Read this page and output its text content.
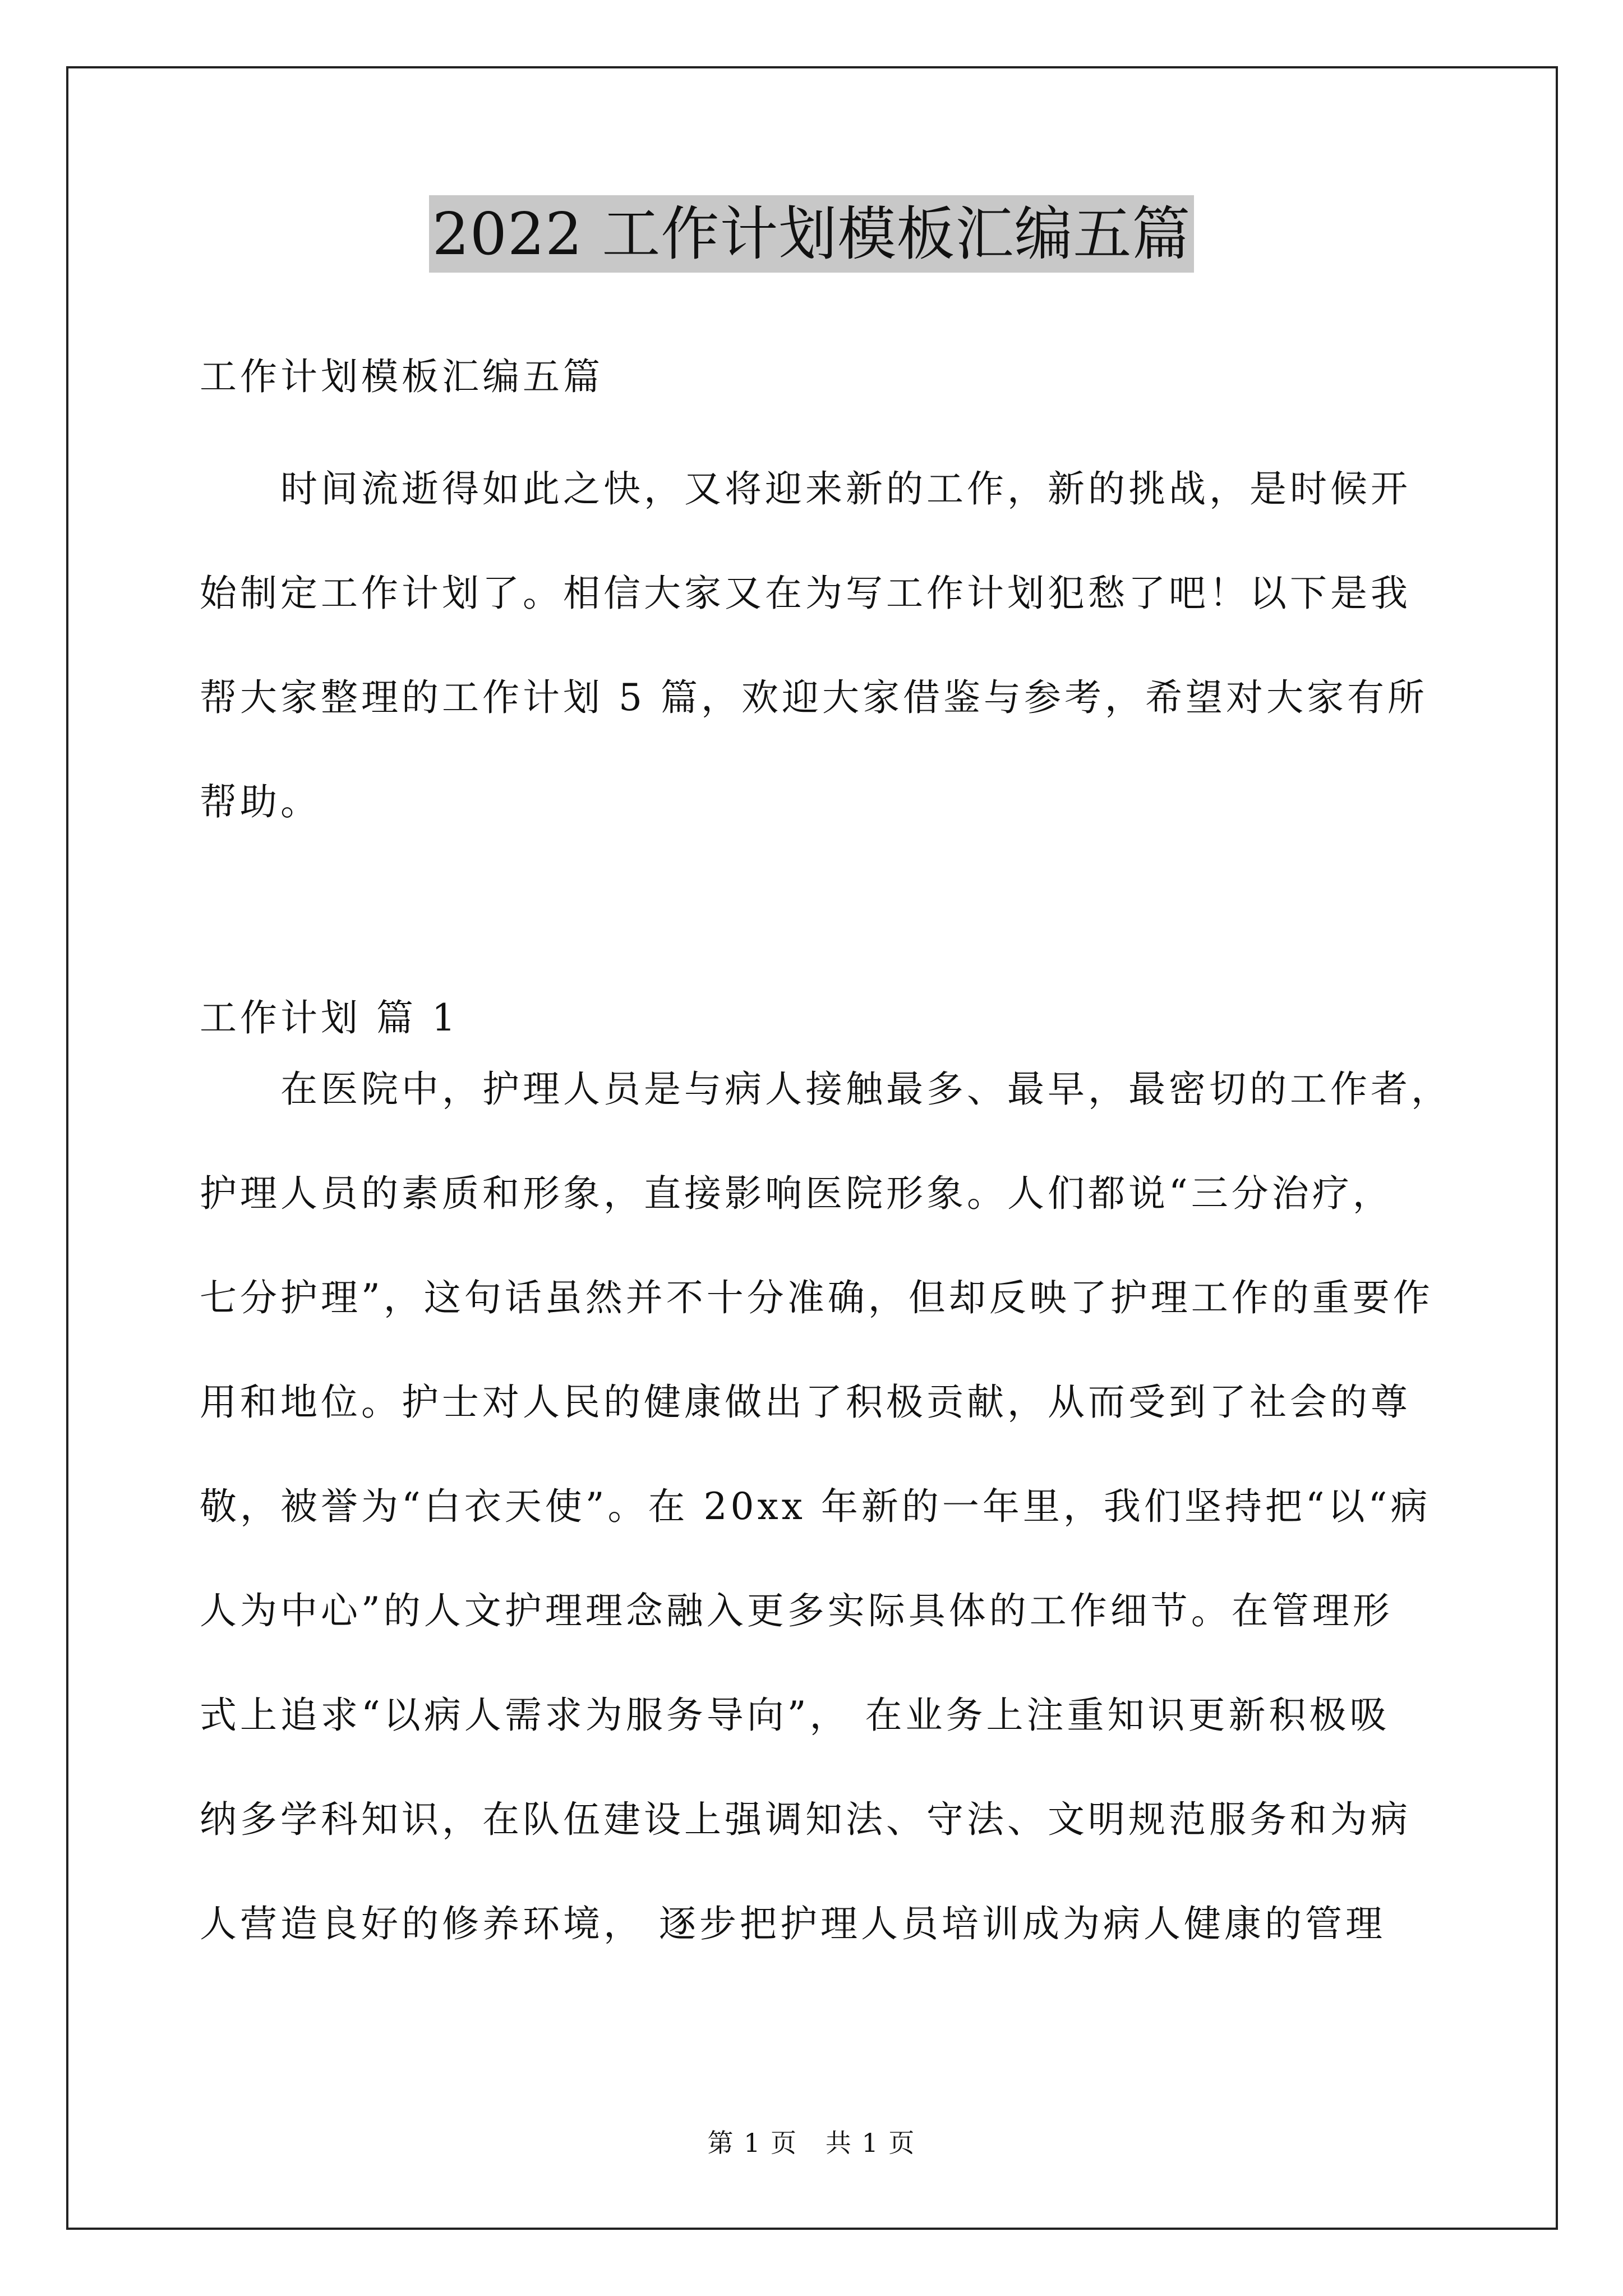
2022 工作计划模板汇编五篇
工作计划模板汇编五篇
　　时间流逝得如此之快，又将迎来新的工作，新的挑战，是时候开
始制定工作计划了。相信大家又在为写工作计划犯愁了吧！以下是我
帮大家整理的工作计划 5 篇，欢迎大家借鉴与参考，希望对大家有所
帮助。
工作计划 篇 1
　　在医院中，护理人员是与病人接触最多、最早，最密切的工作者，
护理人员的素质和形象，直接影响医院形象。人们都说“三分治疗，
七分护理”，这句话虽然并不十分准确，但却反映了护理工作的重要作
用和地位。护士对人民的健康做出了积极贡献，从而受到了社会的尊
敬，被誉为“白衣天使”。在 20xx 年新的一年里，我们坚持把“以“病
人为中心”的人文护理理念融入更多实际具体的工作细节。在管理形
式上追求“以病人需求为服务导向”， 在业务上注重知识更新积极吸
纳多学科知识，在队伍建设上强调知法、守法、文明规范服务和为病
人营造良好的修养环境， 逐步把护理人员培训成为病人健康的管理
第 1 页   共 1 页
